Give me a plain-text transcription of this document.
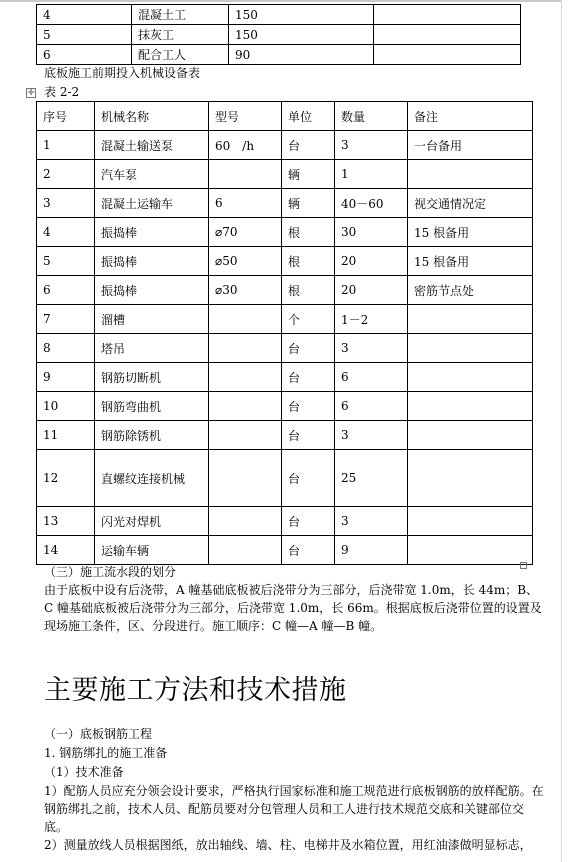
4	混凝土工	150	
5	抹灰工	150	
6	配合工人	90	
底板施工前期投入机械设备表
✛ 表 2-2
序号	机械名称	型号	单位	数量	备注
1	混凝土输送泵	60　/h	台	3	一台备用
2	汽车泵		辆	1	
3	混凝土运输车	6	辆	40－60	视交通情况定
4	振捣棒	⌀70	根	30	15 根备用
5	振捣棒	⌀50	根	20	15 根备用
6	振捣棒	⌀30	根	20	密筋节点处
7	溜槽		个	1－2	
8	塔吊		台	3	
9	钢筋切断机		台	6	
10	钢筋弯曲机		台	6	
11	钢筋除锈机		台	3	
12	直螺纹连接机械		台	25	
13	闪光对焊机		台	3	
14	运输车辆		台	9	
（三）施工流水段的划分
由于底板中设有后浇带，A 幢基础底板被后浇带分为三部分，后浇带宽 1.0m，长 44m；B、C 幢基础底板被后浇带分为三部分，后浇带宽 1.0m，长 66m。根据底板后浇带位置的设置及现场施工条件，区、分段进行。施工顺序：C 幢—A 幢—B 幢。
主要施工方法和技术措施
（一）底板钢筋工程
1. 钢筋绑扎的施工准备
（1）技术准备
1）配筋人员应充分领会设计要求，严格执行国家标准和施工规范进行底板钢筋的放样配筋。在钢筋绑扎之前，技术人员、配筋员要对分包管理人员和工人进行技术规范交底和关键部位交底。
2）测量放线人员根据图纸，放出轴线、墙、柱、电梯井及水箱位置，用红油漆做明显标志，
